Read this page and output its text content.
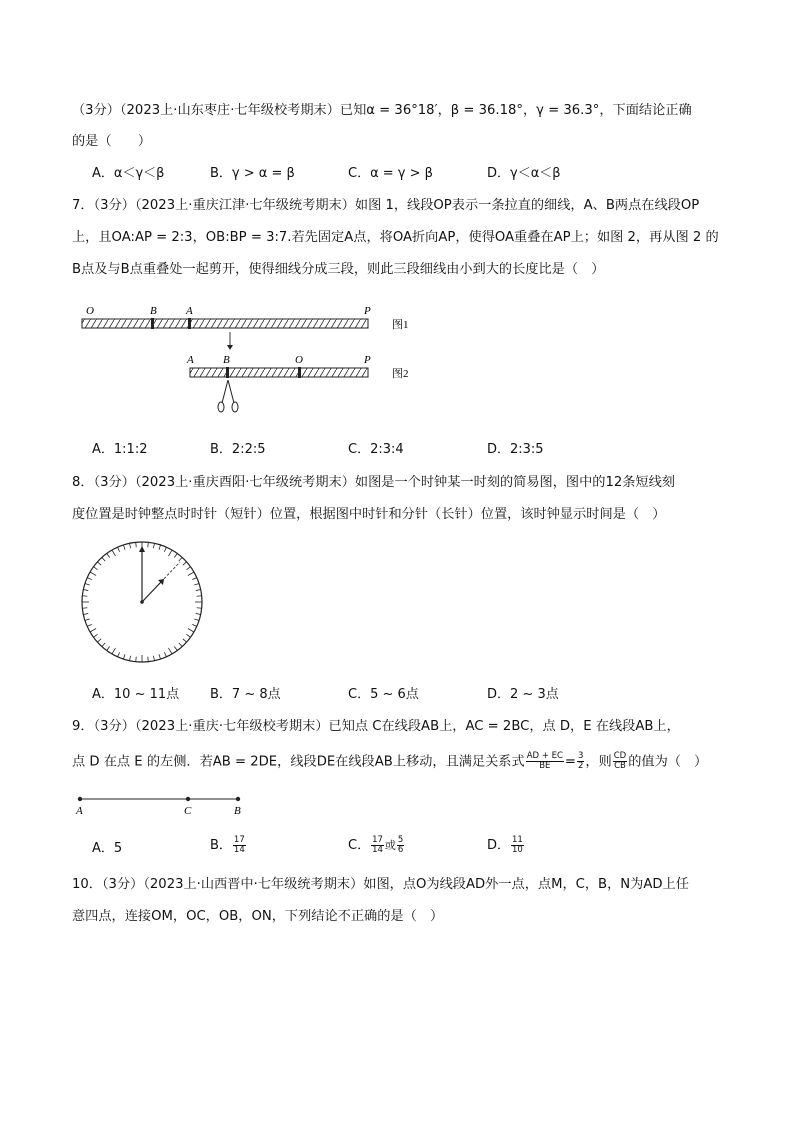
（3分）（2023上·山东枣庄·七年级校考期末）已知α = 36°18′，β = 36.18°，γ = 36.3°，下面结论正确
的是（　　）
A．α＜γ＜β	B．γ > α = β	C．α = γ > β	D．γ＜α＜β
7．（3分）（2023上·重庆江津·七年级统考期末）如图 1，线段OP表示一条拉直的细线，A、B两点在线段OP
上，且OA:AP = 2:3，OB:BP = 3:7.若先固定A点，将OA折向AP，使得OA重叠在AP上；如图 2，再从图 2 的
B点及与B点重叠处一起剪开，使得细线分成三段，则此三段细线由小到大的长度比是（　）
O	B	A	P
图1
A	B	O	P
图2
A．1:1:2	B．2:2:5	C．2:3:4	D．2:3:5
8．（3分）（2023上·重庆酉阳·七年级统考期末）如图是一个时钟某一时刻的简易图，图中的12条短线刻
度位置是时钟整点时时针（短针）位置，根据图中时针和分针（长针）位置，该时钟显示时间是（　）
A．10 ~ 11点 B．7 ~ 8点	C．5 ~ 6点	D．2 ~ 3点
9．（3分）（2023上·重庆·七年级校考期末）已知点 C在线段AB上，AC = 2BC，点 D，E 在线段AB上，
点 D 在点 E 的左侧．若AB = 2DE，线段DE在线段AB上移动，且满足关系式 $\frac{AD + EC}{BE} = \frac{3}{2}$ ，则 $\frac{CD}{CB}$ 的值为（　）
A	C	B
A．5	B． $\frac{17}{14}$	C． $\frac{17}{14}$ 或 $\frac{5}{6}$	D． $\frac{11}{10}$
10．（3分）（2023上·山西晋中·七年级统考期末）如图，点O为线段AD外一点，点M，C，B，N为AD上任
意四点，连接OM，OC，OB，ON，下列结论不正确的是（　）
